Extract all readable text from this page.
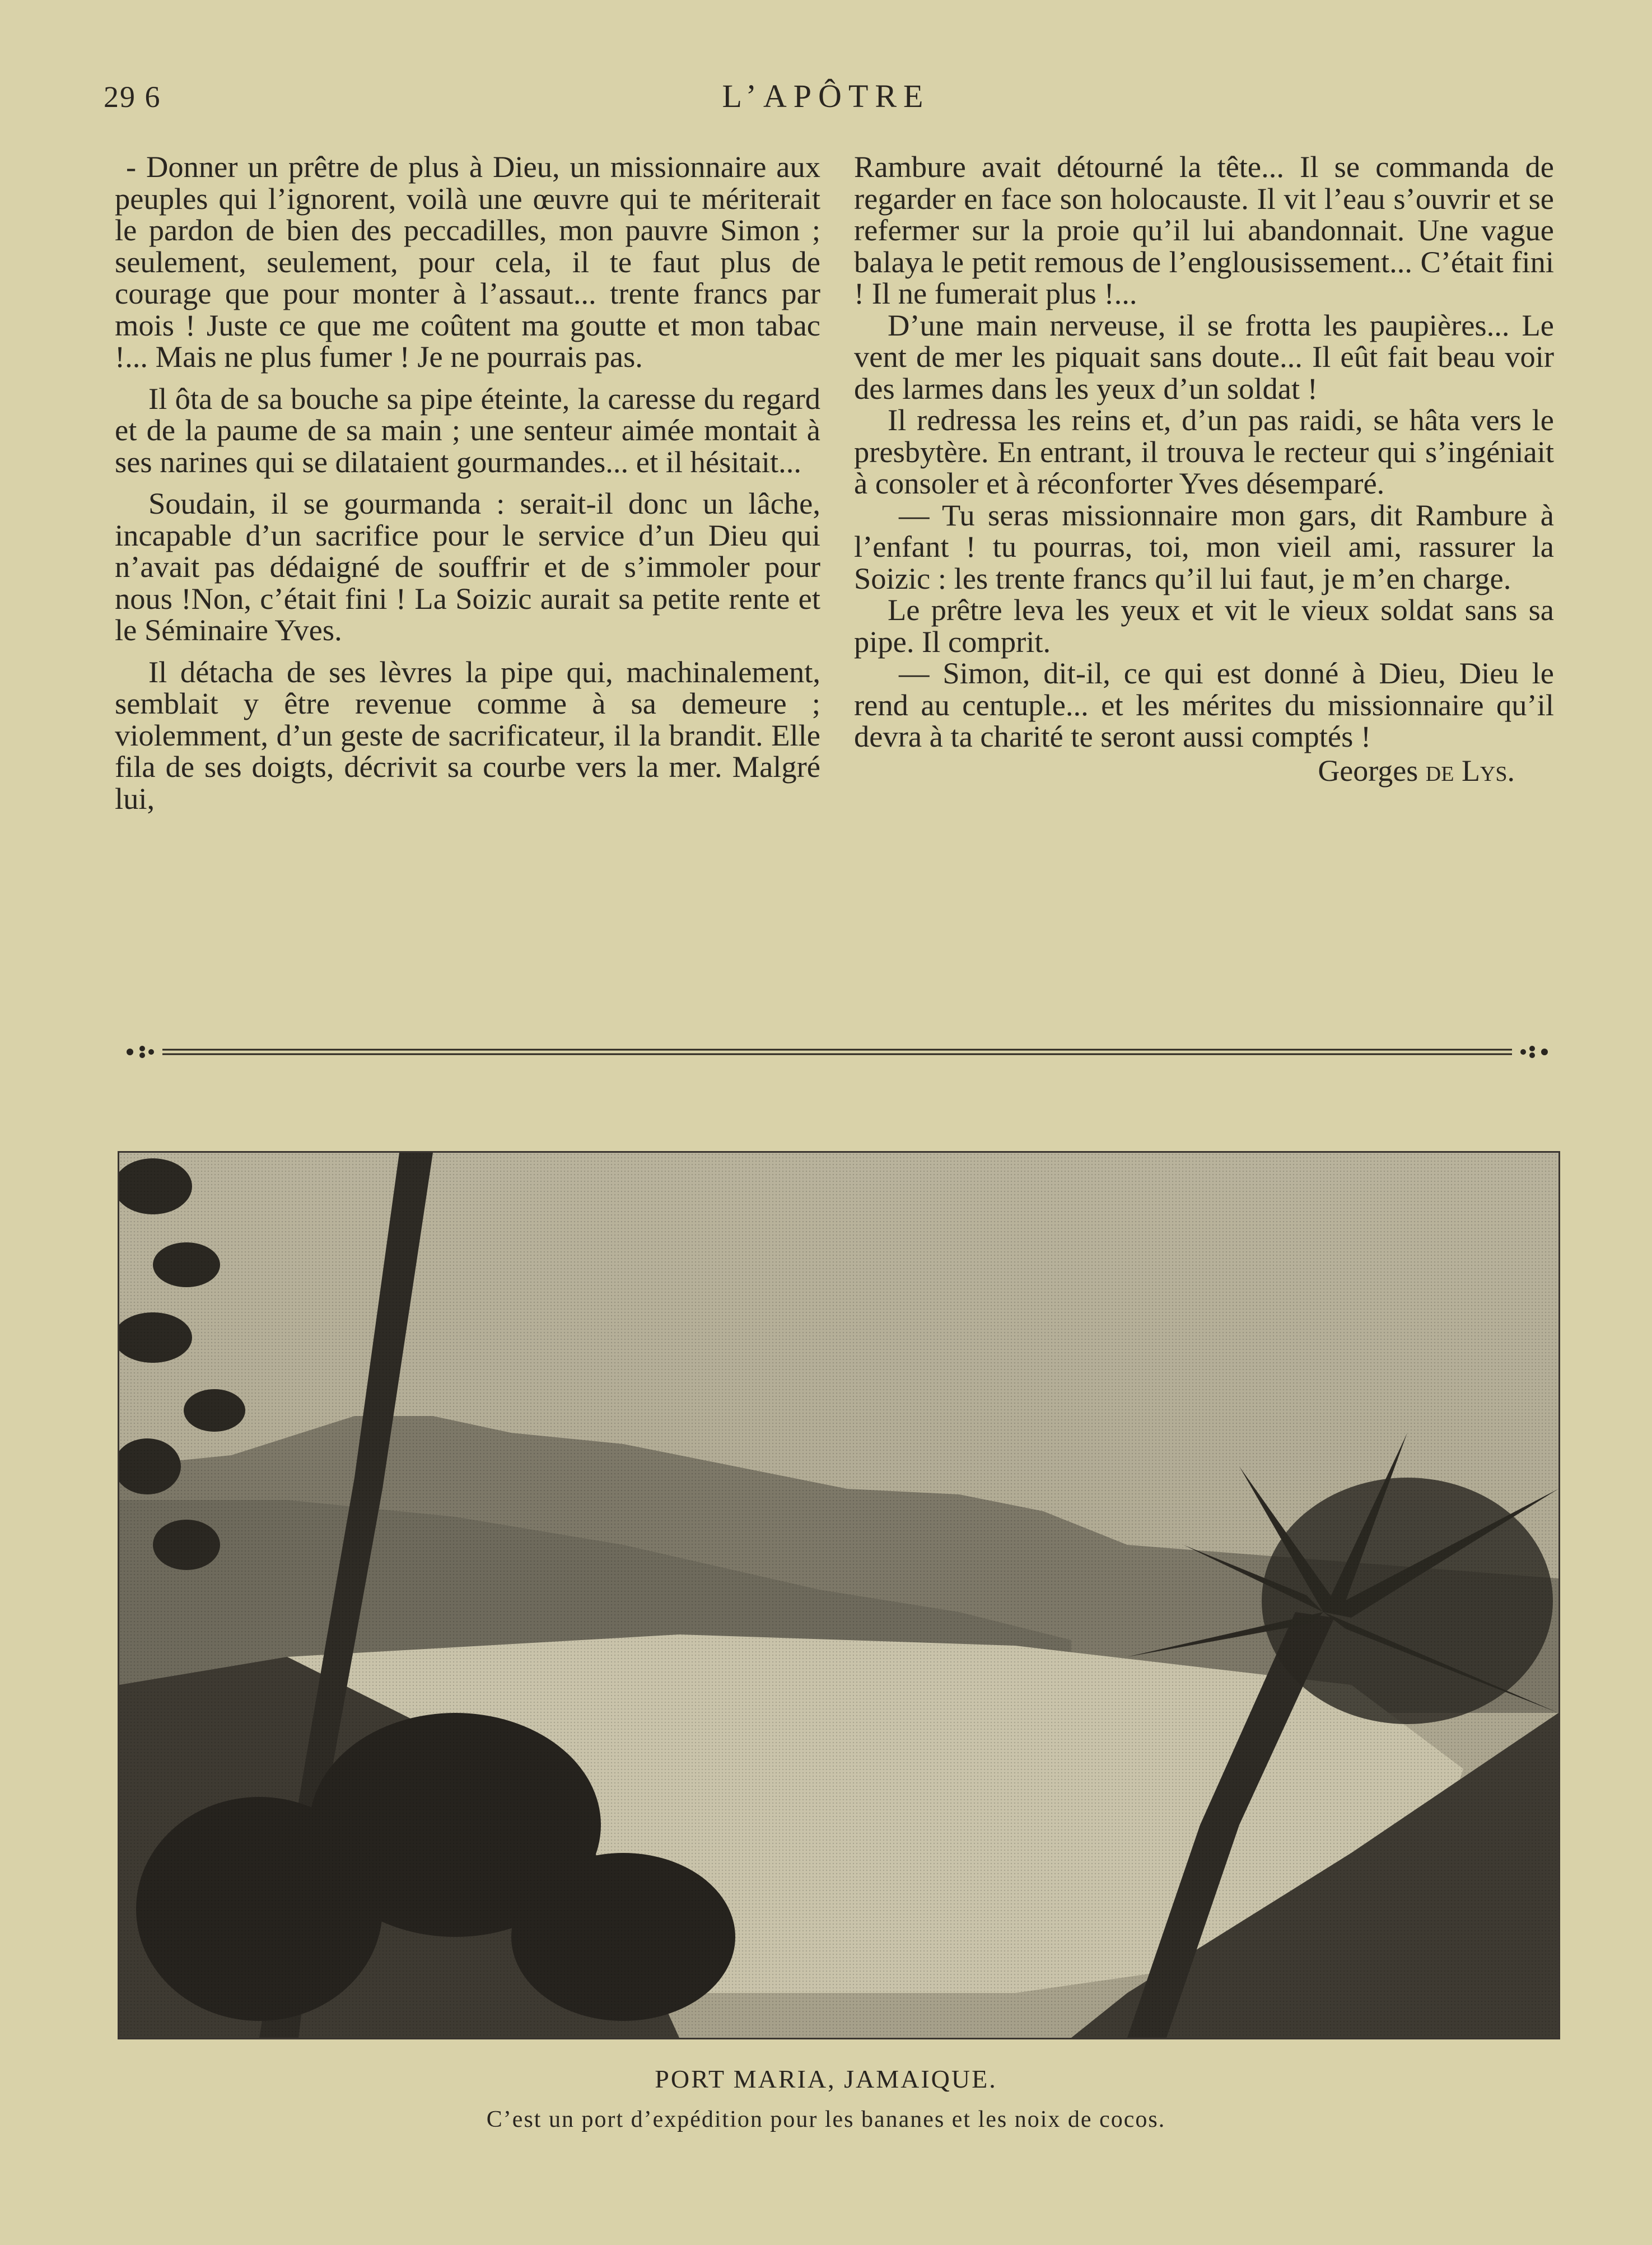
29 6	L’APÔTRE

- Donner un prêtre de plus à Dieu, un missionnaire aux peuples qui l’ignorent, voilà une œuvre qui te mériterait le pardon de bien des peccadilles, mon pauvre Simon ; seulement, seulement, pour cela, il te faut plus de courage que pour monter à l’assaut... trente francs par mois ! Juste ce que me coûtent ma goutte et mon tabac !... Mais ne plus fumer ! Je ne pourrais pas.

Il ôta de sa bouche sa pipe éteinte, la caresse du regard et de la paume de sa main ; une senteur aimée montait à ses narines qui se dilataient gourmandes... et il hésitait...

Soudain, il se gourmanda : serait-il donc un lâche, incapable d’un sacrifice pour le service d’un Dieu qui n’avait pas dédaigné de souffrir et de s’immoler pour nous !Non, c’était fini ! La Soizic aurait sa petite rente et le Séminaire Yves.

Il détacha de ses lèvres la pipe qui, machinalement, semblait y être revenue comme à sa demeure ; violemment, d’un geste de sacrificateur, il la brandit. Elle fila de ses doigts, décrivit sa courbe vers la mer. Malgré lui,

Rambure avait détourné la tête... Il se commanda de regarder en face son holocauste. Il vit l’eau s’ouvrir et se refermer sur la proie qu’il lui abandonnait. Une vague balaya le petit remous de l’englousissement... C’était fini ! Il ne fumerait plus !...

D’une main nerveuse, il se frotta les paupières... Le vent de mer les piquait sans doute... Il eût fait beau voir des larmes dans les yeux d’un soldat !

Il redressa les reins et, d’un pas raidi, se hâta vers le presbytère. En entrant, il trouva le recteur qui s’ingéniait à consoler et à réconforter Yves désemparé.

— Tu seras missionnaire mon gars, dit Rambure à l’enfant ! tu pourras, toi, mon vieil ami, rassurer la Soizic : les trente francs qu’il lui faut, je m’en charge.

Le prêtre leva les yeux et vit le vieux soldat sans sa pipe. Il comprit.

— Simon, dit-il, ce qui est donné à Dieu, Dieu le rend au centuple... et les mérites du missionnaire qu’il devra à ta charité te seront aussi comptés !

Georges de Lys.
PORT MARIA, JAMAIQUE.
C’est un port d’expédition pour les bananes et les noix de cocos.
